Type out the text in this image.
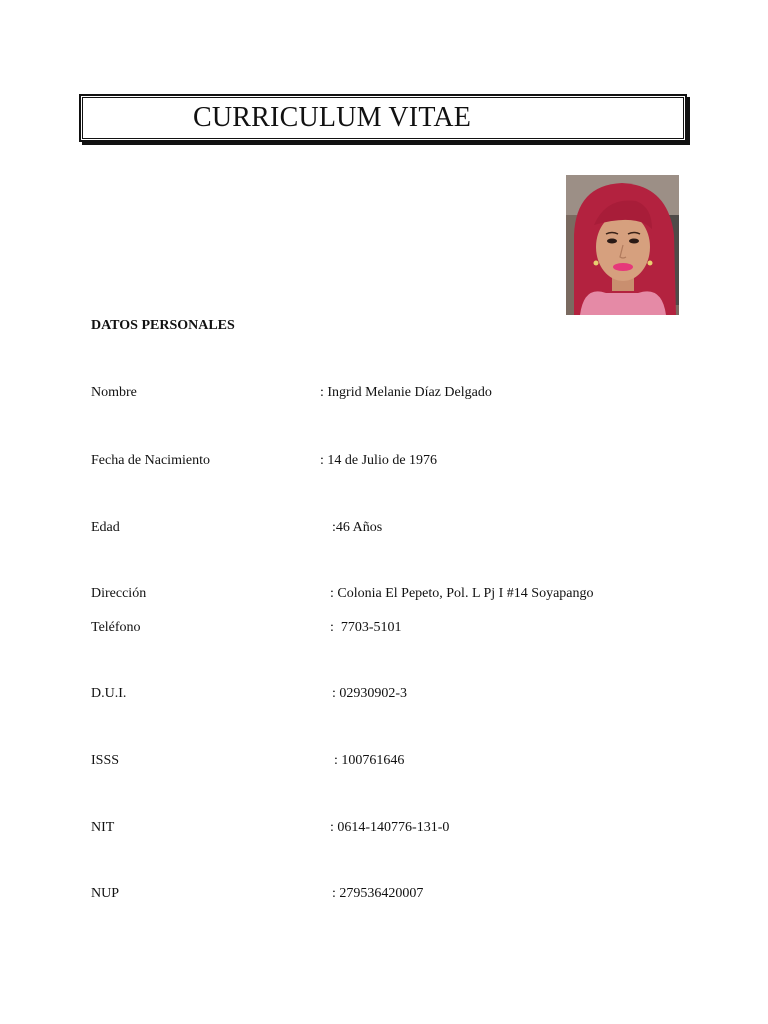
CURRICULUM VITAE
DATOS PERSONALES
Nombre	: Ingrid Melanie Díaz Delgado
Fecha de Nacimiento	: 14 de Julio de 1976
Edad	:46 Años
Dirección	: Colonia El Pepeto, Pol. L Pj I #14 Soyapango
Teléfono	:  7703-5101
D.U.I.	: 02930902-3
ISSS	: 100761646
NIT	: 0614-140776-131-0
NUP	: 279536420007
